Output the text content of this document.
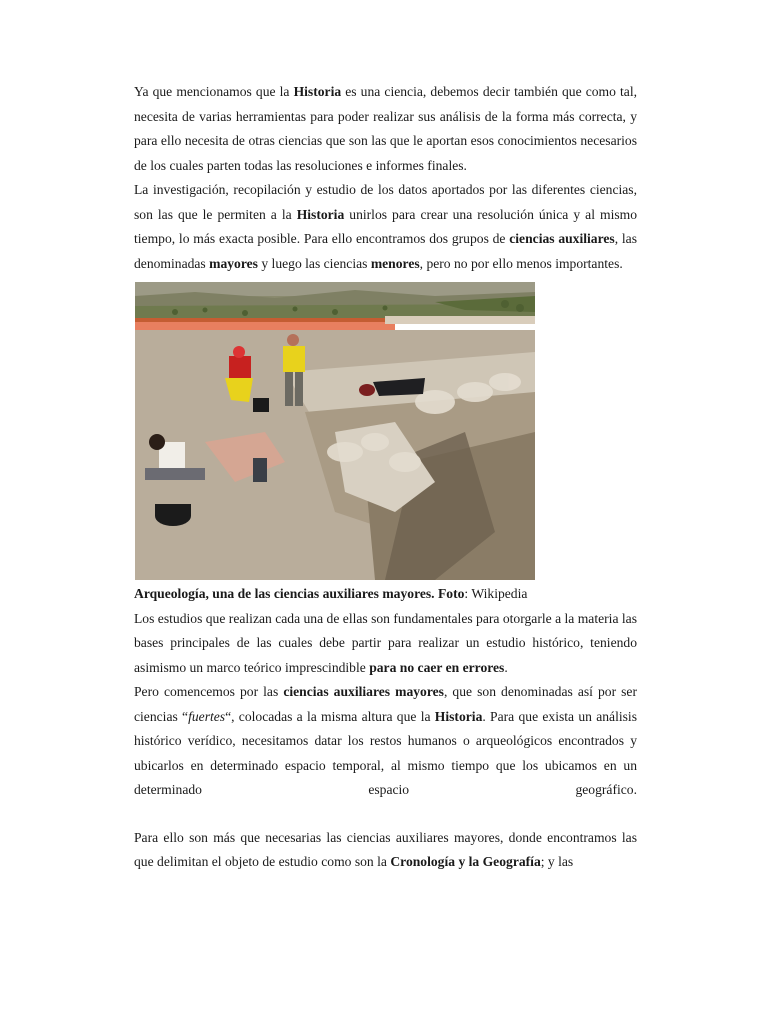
Ya que mencionamos que la Historia es una ciencia, debemos decir también que como tal, necesita de varias herramientas para poder realizar sus análisis de la forma más correcta, y para ello necesita de otras ciencias que son las que le aportan esos conocimientos necesarios de los cuales parten todas las resoluciones e informes finales.

La investigación, recopilación y estudio de los datos aportados por las diferentes ciencias, son las que le permiten a la Historia unirlos para crear una resolución única y al mismo tiempo, lo más exacta posible. Para ello encontramos dos grupos de ciencias auxiliares, las denominadas mayores y luego las ciencias menores, pero no por ello menos importantes.

Arqueología, una de las ciencias auxiliares mayores. Foto: Wikipedia

Los estudios que realizan cada una de ellas son fundamentales para otorgarle a la materia las bases principales de las cuales debe partir para realizar un estudio histórico, teniendo asimismo un marco teórico imprescindible para no caer en errores.

Pero comencemos por las ciencias auxiliares mayores, que son denominadas así por ser ciencias “fuertes“, colocadas a la misma altura que la Historia. Para que exista un análisis histórico verídico, necesitamos datar los restos humanos o arqueológicos encontrados y ubicarlos en determinado espacio temporal, al mismo tiempo que los ubicamos en un determinado espacio geográfico.

Para ello son más que necesarias las ciencias auxiliares mayores, donde encontramos las que delimitan el objeto de estudio como son la Cronología y la Geografía; y las
